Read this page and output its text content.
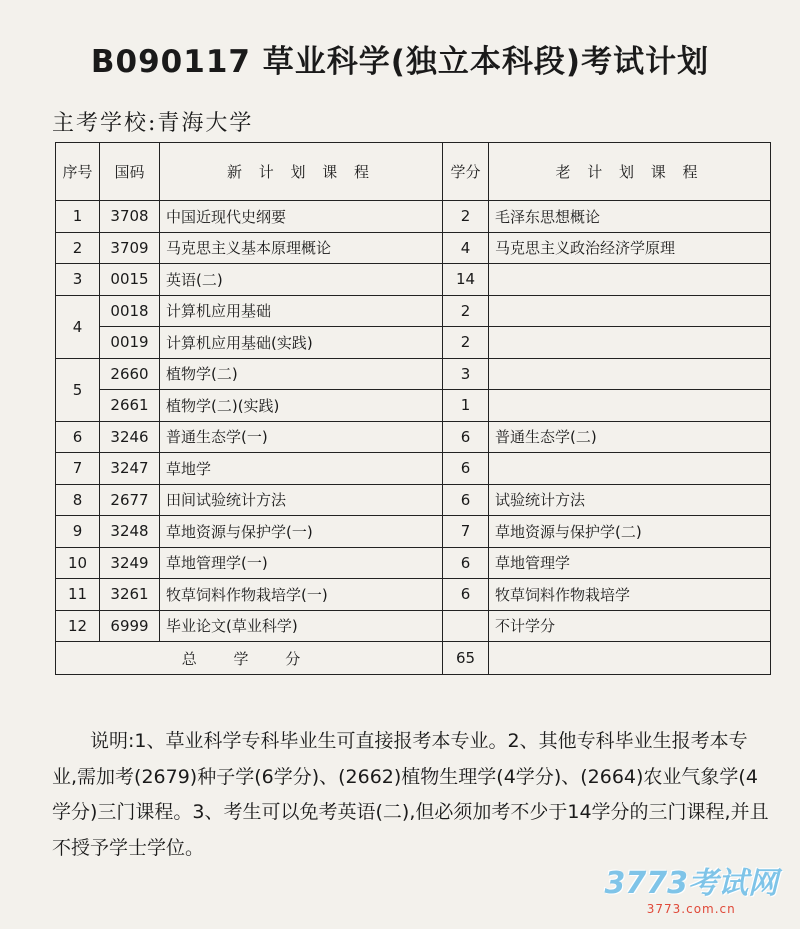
B090117 草业科学(独立本科段)考试计划
主考学校:青海大学
序号	国码	新 计 划 课 程	学分	老 计 划 课 程
1	3708	中国近现代史纲要	2	毛泽东思想概论
2	3709	马克思主义基本原理概论	4	马克思主义政治经济学原理
3	0015	英语(二)	14	
4	0018	计算机应用基础	2	
	0019	计算机应用基础(实践)	2	
5	2660	植物学(二)	3	
	2661	植物学(二)(实践)	1	
6	3246	普通生态学(一)	6	普通生态学(二)
7	3247	草地学	6	
8	2677	田间试验统计方法	6	试验统计方法
9	3248	草地资源与保护学(一)	7	草地资源与保护学(二)
10	3249	草地管理学(一)	6	草地管理学
11	3261	牧草饲料作物栽培学(一)	6	牧草饲料作物栽培学
12	6999	毕业论文(草业科学)		不计学分
总 学 分			65	
说明:1、草业科学专科毕业生可直接报考本专业。2、其他专科毕业生报考本专业,需加考(2679)种子学(6学分)、(2662)植物生理学(4学分)、(2664)农业气象学(4学分)三门课程。3、考生可以免考英语(二),但必须加考不少于14学分的三门课程,并且不授予学士学位。
3773考试网
3773.com.cn
